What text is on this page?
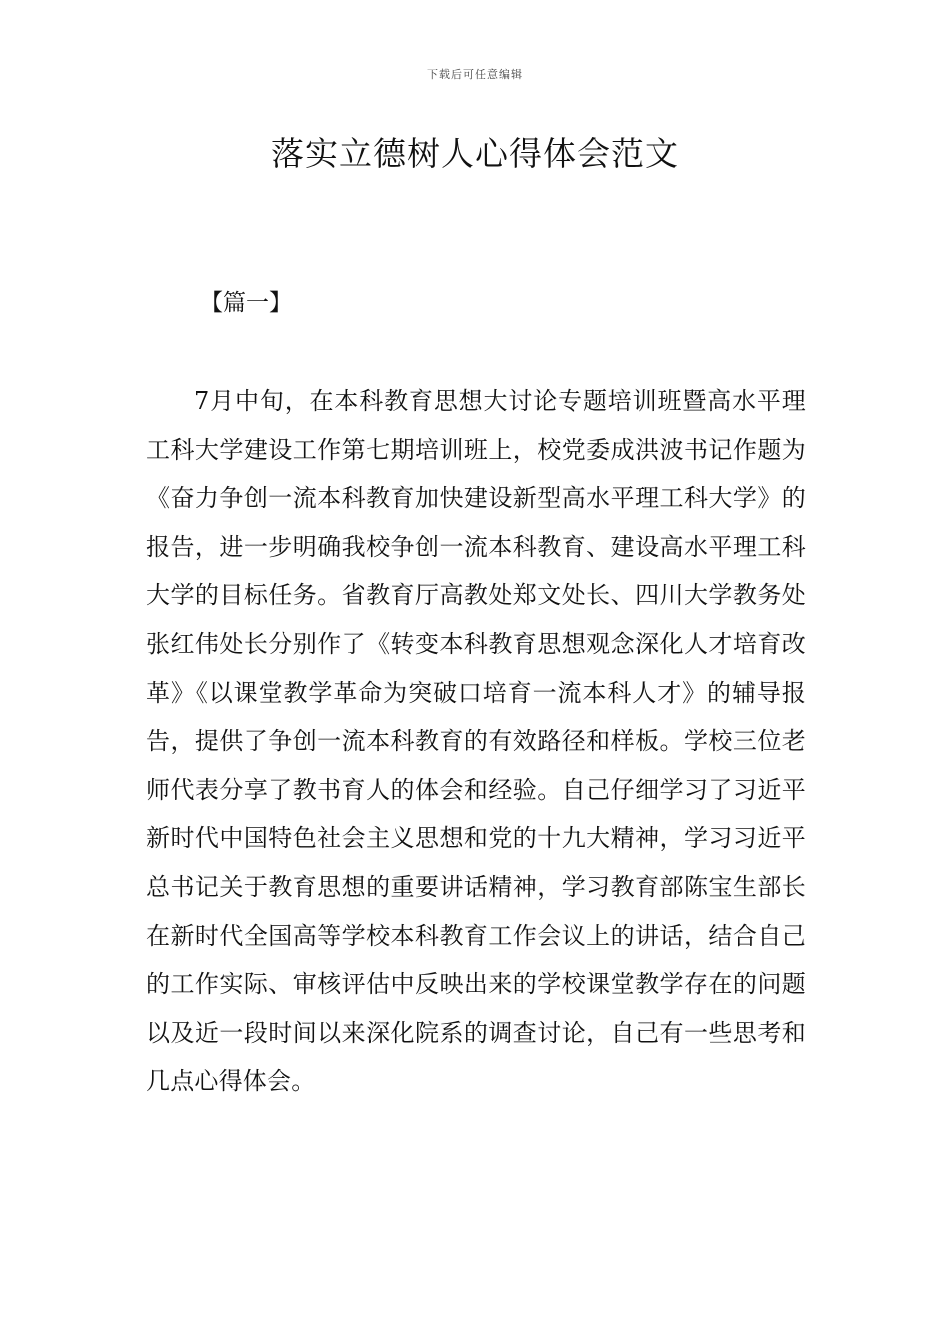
下载后可任意编辑
落实立德树人心得体会范文

【篇一】

7月中旬，在本科教育思想大讨论专题培训班暨高水平理工科大学建设工作第七期培训班上，校党委成洪波书记作题为《奋力争创一流本科教育加快建设新型高水平理工科大学》的报告，进一步明确我校争创一流本科教育、建设高水平理工科大学的目标任务。省教育厅高教处郑文处长、四川大学教务处张红伟处长分别作了《转变本科教育思想观念深化人才培育改革》《以课堂教学革命为突破口培育一流本科人才》的辅导报告，提供了争创一流本科教育的有效路径和样板。学校三位老师代表分享了教书育人的体会和经验。自己仔细学习了习近平新时代中国特色社会主义思想和党的十九大精神，学习习近平总书记关于教育思想的重要讲话精神，学习教育部陈宝生部长在新时代全国高等学校本科教育工作会议上的讲话，结合自己的工作实际、审核评估中反映出来的学校课堂教学存在的问题以及近一段时间以来深化院系的调查讨论，自己有一些思考和几点心得体会。
